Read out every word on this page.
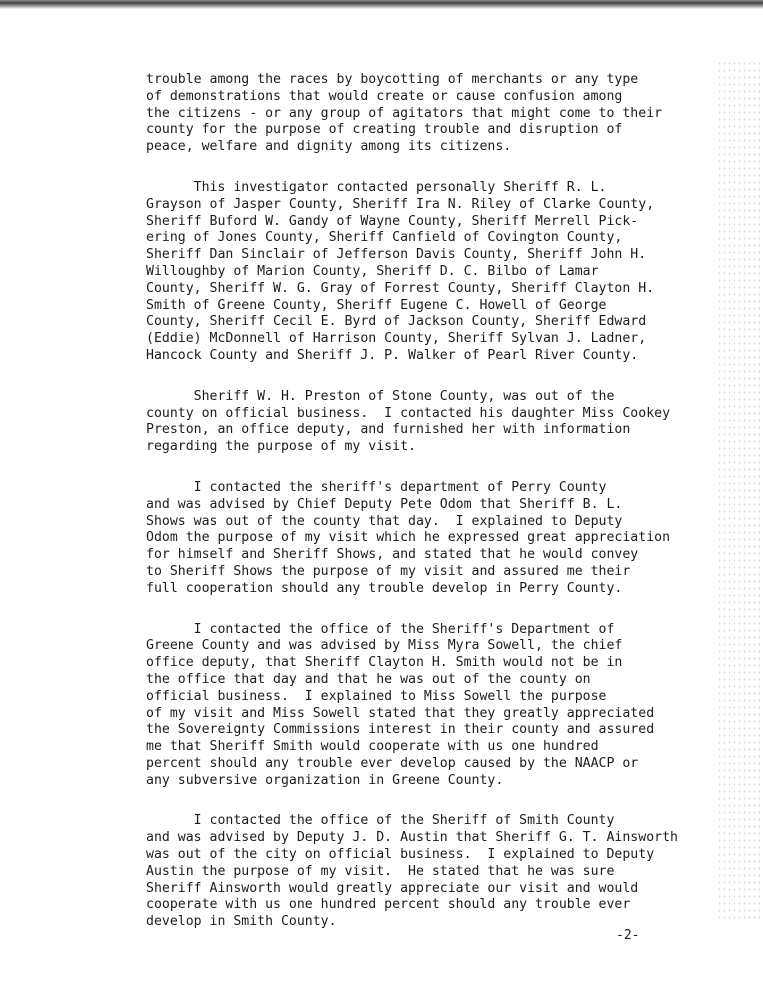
trouble among the races by boycotting of merchants or any type
of demonstrations that would create or cause confusion among
the citizens - or any group of agitators that might come to their
county for the purpose of creating trouble and disruption of
peace, welfare and dignity among its citizens.

This investigator contacted personally Sheriff R. L.
Grayson of Jasper County, Sheriff Ira N. Riley of Clarke County,
Sheriff Buford W. Gandy of Wayne County, Sheriff Merrell Pick-
ering of Jones County, Sheriff Canfield of Covington County,
Sheriff Dan Sinclair of Jefferson Davis County, Sheriff John H.
Willoughby of Marion County, Sheriff D. C. Bilbo of Lamar
County, Sheriff W. G. Gray of Forrest County, Sheriff Clayton H.
Smith of Greene County, Sheriff Eugene C. Howell of George
County, Sheriff Cecil E. Byrd of Jackson County, Sheriff Edward
(Eddie) McDonnell of Harrison County, Sheriff Sylvan J. Ladner,
Hancock County and Sheriff J. P. Walker of Pearl River County.

Sheriff W. H. Preston of Stone County, was out of the
county on official business.  I contacted his daughter Miss Cookey
Preston, an office deputy, and furnished her with information
regarding the purpose of my visit.

I contacted the sheriff's department of Perry County
and was advised by Chief Deputy Pete Odom that Sheriff B. L.
Shows was out of the county that day.  I explained to Deputy
Odom the purpose of my visit which he expressed great appreciation
for himself and Sheriff Shows, and stated that he would convey
to Sheriff Shows the purpose of my visit and assured me their
full cooperation should any trouble develop in Perry County.

I contacted the office of the Sheriff's Department of
Greene County and was advised by Miss Myra Sowell, the chief
office deputy, that Sheriff Clayton H. Smith would not be in
the office that day and that he was out of the county on
official business.  I explained to Miss Sowell the purpose
of my visit and Miss Sowell stated that they greatly appreciated
the Sovereignty Commissions interest in their county and assured
me that Sheriff Smith would cooperate with us one hundred
percent should any trouble ever develop caused by the NAACP or
any subversive organization in Greene County.

I contacted the office of the Sheriff of Smith County
and was advised by Deputy J. D. Austin that Sheriff G. T. Ainsworth
was out of the city on official business.  I explained to Deputy
Austin the purpose of my visit.  He stated that he was sure
Sheriff Ainsworth would greatly appreciate our visit and would
cooperate with us one hundred percent should any trouble ever
develop in Smith County.

-2-
